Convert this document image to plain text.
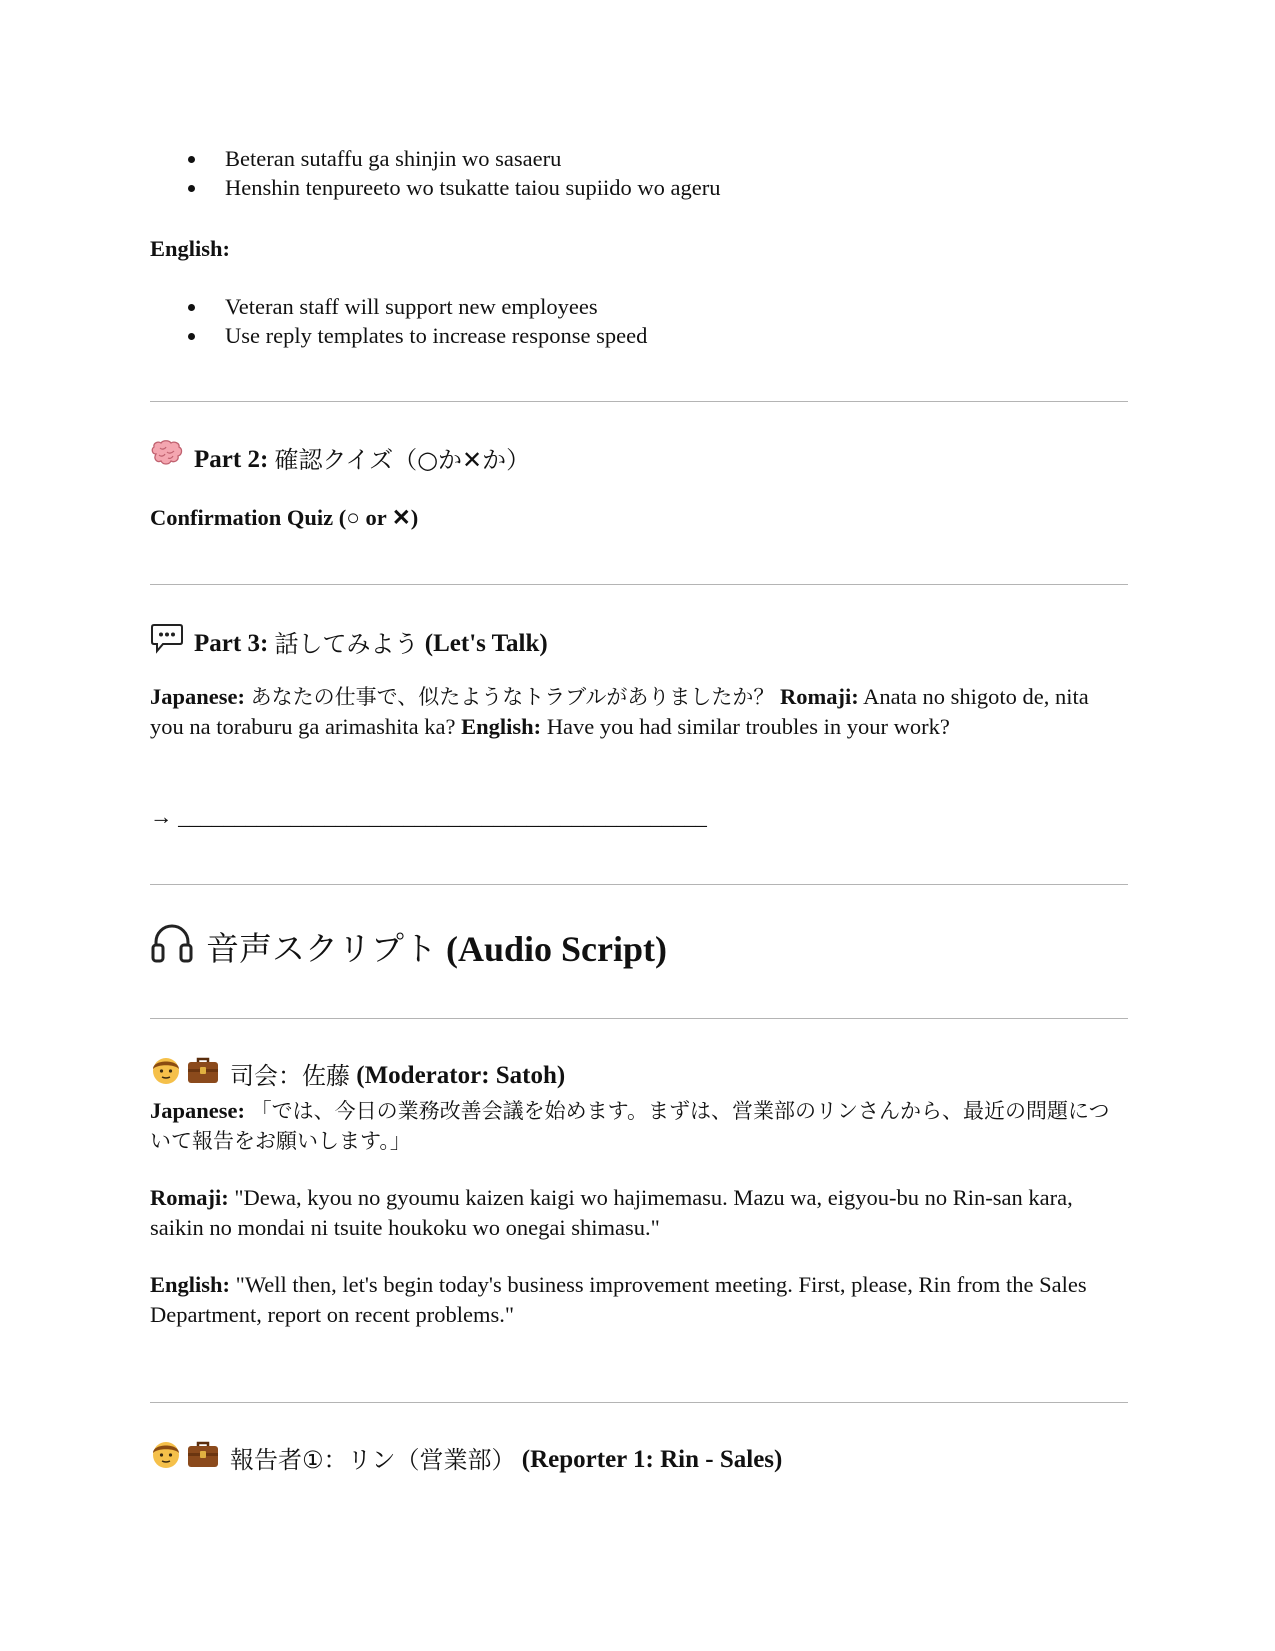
Beteran sutaffu ga shinjin wo sasaeru
Henshin tenpureeto wo tsukatte taiou supiido wo ageru
English:
Veteran staff will support new employees
Use reply templates to increase response speed
Part 2:
確認クイズ（○か✕か）
Confirmation Quiz (○ or ✕)
Part 3:
話してみよう
(Let's Talk)
Japanese: あなたの仕事で、似たようなトラブルがありましたか？ Romaji: Anata no shigoto de, nita you na toraburu ga arimashita ka? English: Have you had similar troubles in your work?
→ _______________________________________________
音声スクリプト
(Audio Script)
司会：佐藤
(Moderator: Satoh)
Japanese: 「では、今日の業務改善会議を始めます。まずは、営業部のリンさんから、最近の問題について報告をお願いします。」
Romaji: "Dewa, kyou no gyoumu kaizen kaigi wo hajimemasu. Mazu wa, eigyou-bu no Rin-san kara, saikin no mondai ni tsuite houkoku wo onegai shimasu."
English: "Well then, let's begin today's business improvement meeting. First, please, Rin from the Sales Department, report on recent problems."
報告者①：リン（営業部）
(Reporter 1: Rin - Sales)
